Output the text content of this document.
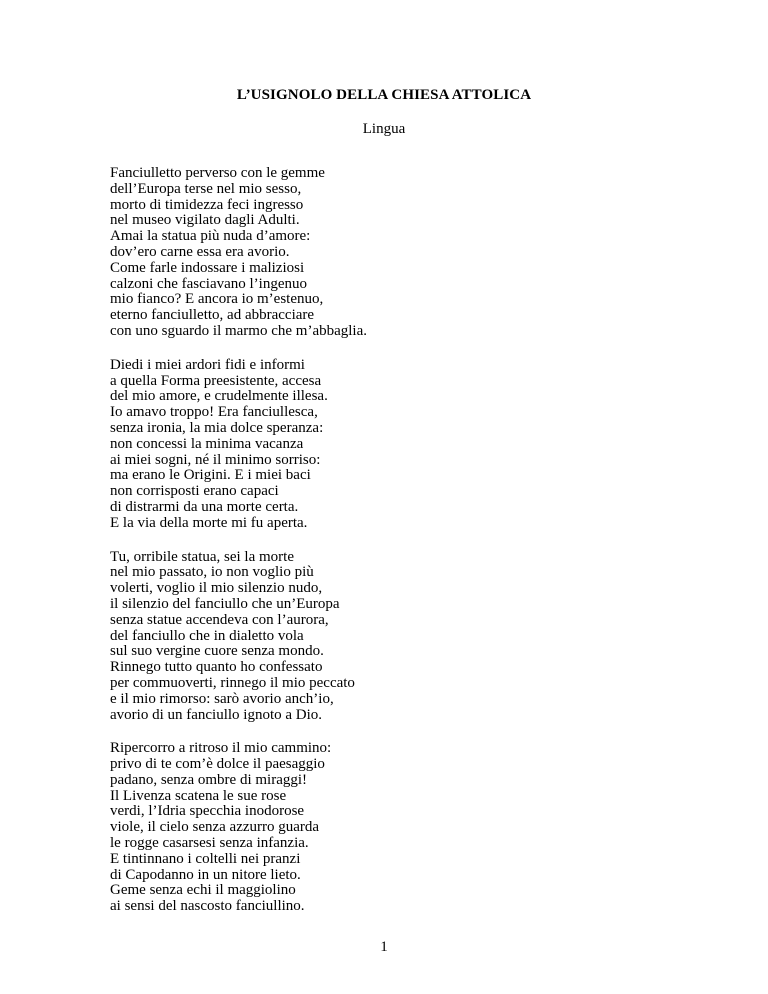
L’USIGNOLO DELLA CHIESA ATTOLICA
Lingua
Fanciulletto perverso con le gemme
dell’Europa terse nel mio sesso,
morto di timidezza feci ingresso
nel museo vigilato dagli Adulti.
Amai la statua più nuda d’amore:
dov’ero carne essa era avorio.
Come farle indossare i maliziosi
calzoni che fasciavano l’ingenuo
mio fianco? E ancora io m’estenuo,
eterno fanciulletto, ad abbracciare
con uno sguardo il marmo che m’abbaglia.
Diedi i miei ardori fidi e informi
a quella Forma preesistente, accesa
del mio amore, e crudelmente illesa.
Io amavo troppo! Era fanciullesca,
senza ironia, la mia dolce speranza:
non concessi la minima vacanza
ai miei sogni, né il minimo sorriso:
ma erano le Origini. E i miei baci
non corrisposti erano capaci
di distrarmi da una morte certa.
E la via della morte mi fu aperta.
Tu, orribile statua, sei la morte
nel mio passato, io non voglio più
volerti, voglio il mio silenzio nudo,
il silenzio del fanciullo che un’Europa
senza statue accendeva con l’aurora,
del fanciullo che in dialetto vola
sul suo vergine cuore senza mondo.
Rinnego tutto quanto ho confessato
per commuoverti, rinnego il mio peccato
e il mio rimorso: sarò avorio anch’io,
avorio di un fanciullo ignoto a Dio.
Ripercorro a ritroso il mio cammino:
privo di te com’è dolce il paesaggio
padano, senza ombre di miraggi!
Il Livenza scatena le sue rose
verdi, l’Idria specchia inodorose
viole, il cielo senza azzurro guarda
le rogge casarsesi senza infanzia.
E tintinnano i coltelli nei pranzi
di Capodanno in un nitore lieto.
Geme senza echi il maggiolino
ai sensi del nascosto fanciullino.
1
